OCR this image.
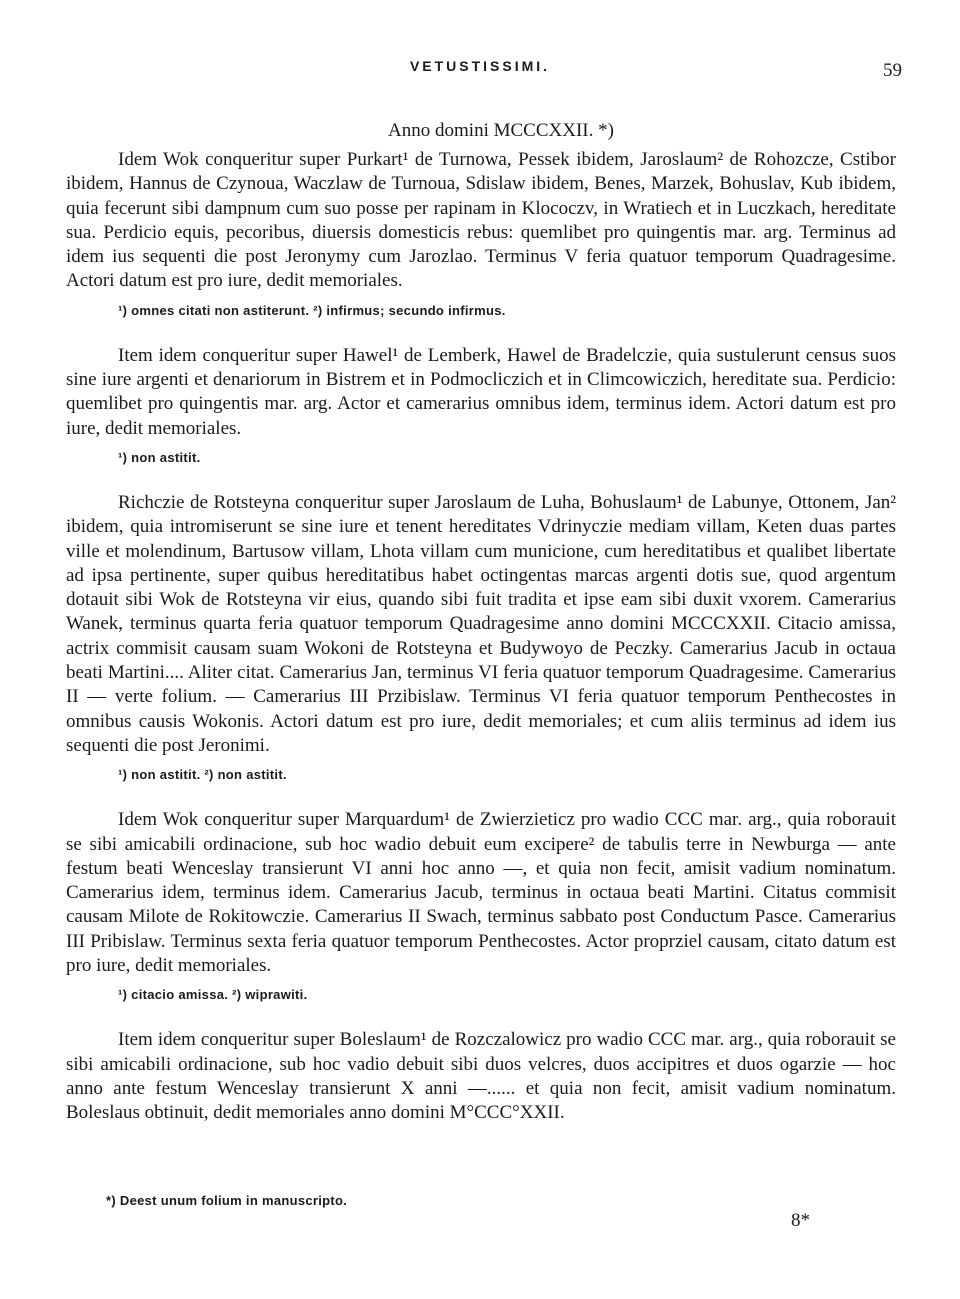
VETUSTISSIMI.	59
Anno domini MCCCXXII. *)

Idem Wok conqueritur super Purkart¹ de Turnowa, Pessek ibidem, Jaroslaum² de Rohozcze, Cstibor ibidem, Hannus de Czynoua, Waczlaw de Turnoua, Sdislaw ibidem, Benes, Marzek, Bohuslav, Kub ibidem, quia fecerunt sibi dampnum cum suo posse per rapinam in Klococzv, in Wratiech et in Luczkach, hereditate sua. Perdicio equis, pecoribus, diuersis domesticis rebus: quemlibet pro quingentis mar. arg. Terminus ad idem ius sequenti die post Jeronymy cum Jarozlao. Terminus V feria quatuor temporum Quadragesime. Actori datum est pro iure, dedit memoriales.

¹) omnes citati non astiterunt. ²) infirmus; secundo infirmus.

Item idem conqueritur super Hawel¹ de Lemberk, Hawel de Bradelczie, quia sustulerunt census suos sine iure argenti et denariorum in Bistrem et in Podmocliczich et in Climcowiczich, hereditate sua. Perdicio: quemlibet pro quingentis mar. arg. Actor et camerarius omnibus idem, terminus idem. Actori datum est pro iure, dedit memoriales.

¹) non astitit.

Richczie de Rotsteyna conqueritur super Jaroslaum de Luha, Bohuslaum¹ de Labunye, Ottonem, Jan² ibidem, quia intromiserunt se sine iure et tenent hereditates Vdrinyczie mediam villam, Keten duas partes ville et molendinum, Bartusow villam, Lhota villam cum municione, cum hereditatibus et qualibet libertate ad ipsa pertinente, super quibus hereditatibus habet octingentas marcas argenti dotis sue, quod argentum dotauit sibi Wok de Rotsteyna vir eius, quando sibi fuit tradita et ipse eam sibi duxit vxorem. Camerarius Wanek, terminus quarta feria quatuor temporum Quadragesime anno domini MCCCXXII. Citacio amissa, actrix commisit causam suam Wokoni de Rotsteyna et Budywoyo de Peczky. Camerarius Jacub in octaua beati Martini.... Aliter citat. Camerarius Jan, terminus VI feria quatuor temporum Quadragesime. Camerarius II — verte folium. — Camerarius III Przibislaw. Terminus VI feria quatuor temporum Penthecostes in omnibus causis Wokonis. Actori datum est pro iure, dedit memoriales; et cum aliis terminus ad idem ius sequenti die post Jeronimi.

¹) non astitit. ²) non astitit.

Idem Wok conqueritur super Marquardum¹ de Zwierzieticz pro wadio CCC mar. arg., quia roborauit se sibi amicabili ordinacione, sub hoc wadio debuit eum excipere² de tabulis terre in Newburga — ante festum beati Wenceslay transierunt VI anni hoc anno —, et quia non fecit, amisit vadium nominatum. Camerarius idem, terminus idem. Camerarius Jacub, terminus in octaua beati Martini. Citatus commisit causam Milote de Rokitowczie. Camerarius II Swach, terminus sabbato post Conductum Pasce. Camerarius III Pribislaw. Terminus sexta feria quatuor temporum Penthecostes. Actor proprziel causam, citato datum est pro iure, dedit memoriales.

¹) citacio amissa. ²) wiprawiti.

Item idem conqueritur super Boleslaum¹ de Rozczalowicz pro wadio CCC mar. arg., quia roborauit se sibi amicabili ordinacione, sub hoc vadio debuit sibi duos velcres, duos accipitres et duos ogarzie — hoc anno ante festum Wenceslay transierunt X anni —...... et quia non fecit, amisit vadium nominatum. Boleslaus obtinuit, dedit memoriales anno domini M°CCC°XXII.

*) Deest unum folium in manuscripto.
8*
